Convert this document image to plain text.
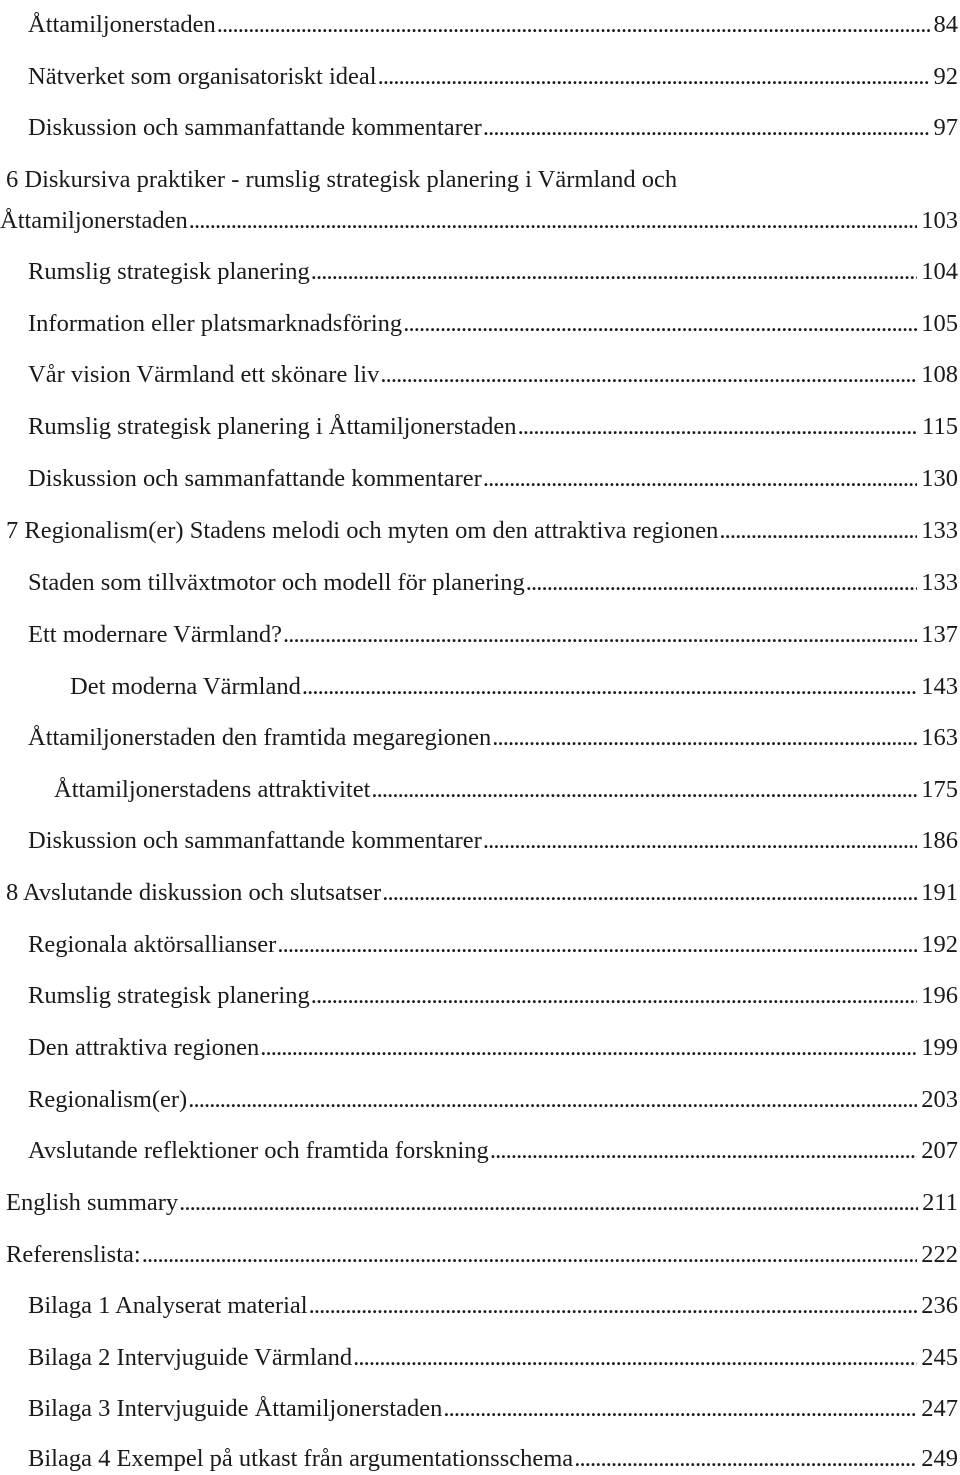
Åttamiljonerstaden . . .	84
Nätverket som organisatoriskt ideal . . .	92
Diskussion och sammanfattande kommentarer . . .	97
6 Diskursiva praktiker - rumslig strategisk planering i Värmland och
Åttamiljonerstaden . . .	103
Rumslig strategisk planering . . .	104
Information eller platsmarknadsföring . . .	105
Vår vision Värmland ett skönare liv . . .	108
Rumslig strategisk planering i Åttamiljonerstaden . . .	115
Diskussion och sammanfattande kommentarer . . .	130
7 Regionalism(er) Stadens melodi och myten om den attraktiva regionen . . .	133
Staden som tillväxtmotor och modell för planering . . .	133
Ett modernare Värmland? . . .	137
Det moderna Värmland . . .	143
Åttamiljonerstaden den framtida megaregionen . . .	163
Åttamiljonerstadens attraktivitet . . .	175
Diskussion och sammanfattande kommentarer . . .	186
8 Avslutande diskussion och slutsatser . . .	191
Regionala aktörsallianser . . .	192
Rumslig strategisk planering . . .	196
Den attraktiva regionen . . .	199
Regionalism(er) . . .	203
Avslutande reflektioner och framtida forskning . . .	207
English summary . . .	211
Referenslista: . . .	222
Bilaga 1 Analyserat material . . .	236
Bilaga 2 Intervjuguide Värmland . . .	245
Bilaga 3 Intervjuguide Åttamiljonerstaden . . .	247
Bilaga 4 Exempel på utkast från argumentationsschema . . .	249
